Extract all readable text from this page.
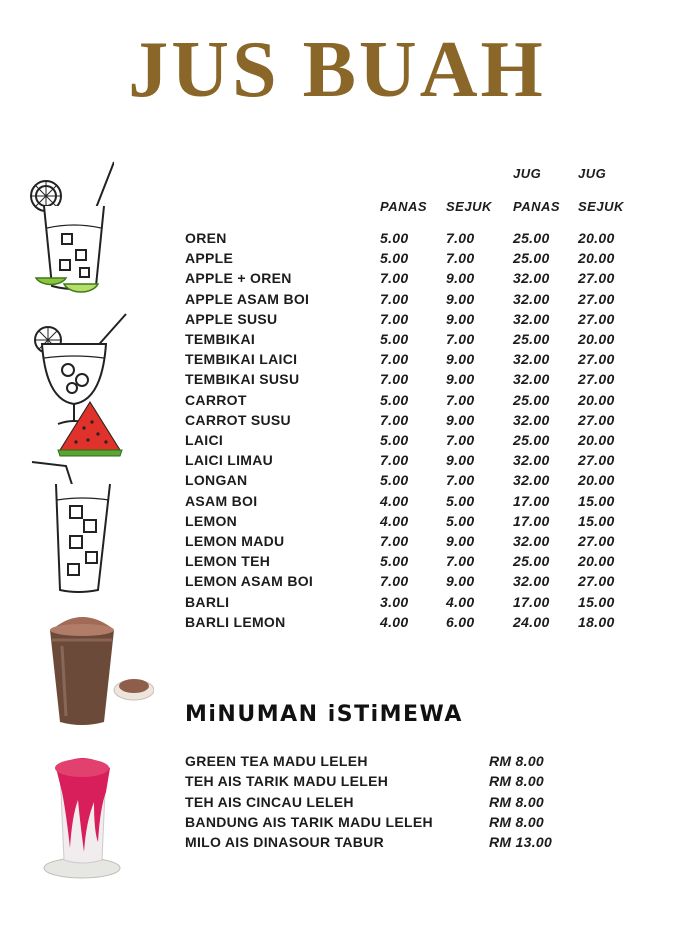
JUS BUAH
JUG	JUG
PANAS SEJUK PANAS SEJUK
OREN	5.00	7.00	25.00 20.00
APPLE	5.00	7.00	25.00 20.00
APPLE + OREN	7.00	9.00	32.00 27.00
APPLE ASAM BOI	7.00	9.00	32.00 27.00
APPLE SUSU	7.00	9.00	32.00 27.00
TEMBIKAI	5.00	7.00	25.00 20.00
TEMBIKAI LAICI	7.00	9.00	32.00 27.00
TEMBIKAI SUSU	7.00	9.00	32.00 27.00
CARROT	5.00	7.00	25.00 20.00
CARROT SUSU	7.00	9.00	32.00 27.00
LAICI	5.00	7.00	25.00 20.00
LAICI LIMAU	7.00	9.00	32.00 27.00
LONGAN	5.00	7.00	32.00 20.00
ASAM BOI	4.00	5.00	17.00 15.00
LEMON	4.00	5.00	17.00 15.00
LEMON MADU	7.00	9.00	32.00 27.00
LEMON TEH	5.00	7.00	25.00 20.00
LEMON ASAM BOI	7.00	9.00	32.00 27.00
BARLI	3.00	4.00	17.00 15.00
BARLI LEMON	4.00	6.00	24.00 18.00
MiNUMAN iSTiMEWA
GREEN TEA MADU LELEH	RM 8.00
TEH AIS TARIK MADU LELEH	RM 8.00
TEH AIS CINCAU LELEH	RM 8.00
BANDUNG AIS TARIK MADU LELEH	RM 8.00
MILO AIS DINASOUR TABUR	RM 13.00
